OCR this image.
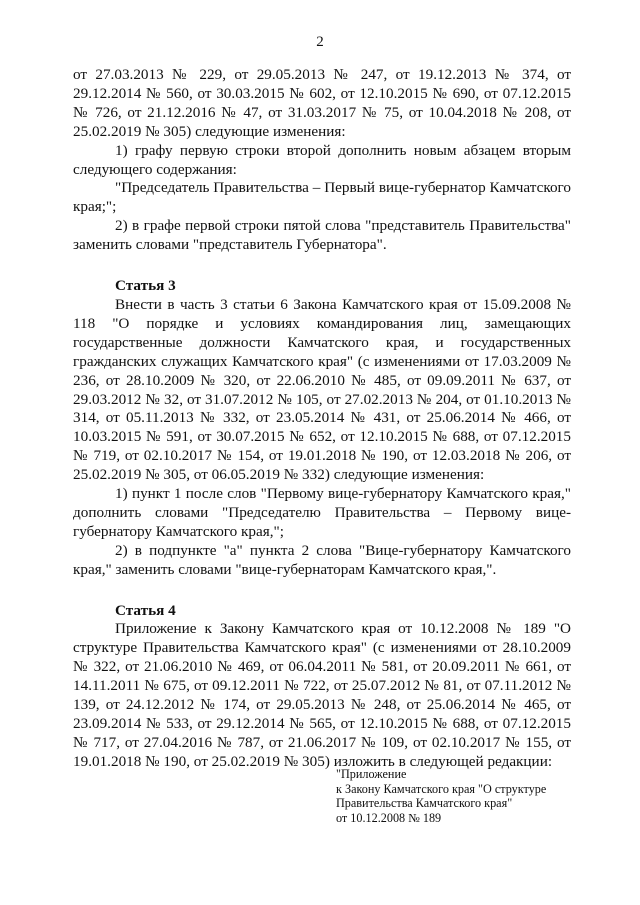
2

от 27.03.2013 № 229, от 29.05.2013 № 247, от 19.12.2013 № 374, от 29.12.2014 № 560, от 30.03.2015 № 602, от 12.10.2015 № 690, от 07.12.2015 № 726, от 21.12.2016 № 47, от 31.03.2017 № 75, от 10.04.2018 № 208, от 25.02.2019 № 305) следующие изменения:

1) графу первую строки второй дополнить новым абзацем вторым следующего содержания:

"Председатель Правительства – Первый вице-губернатор Камчатского края;";

2) в графе первой строки пятой слова "представитель Правительства" заменить словами "представитель Губернатора".

Статья 3

Внести в часть 3 статьи 6 Закона Камчатского края от 15.09.2008 № 118 "О порядке и условиях командирования лиц, замещающих государственные должности Камчатского края, и государственных гражданских служащих Камчатского края" (с изменениями от 17.03.2009 № 236, от 28.10.2009 № 320, от 22.06.2010 № 485, от 09.09.2011 № 637, от 29.03.2012 № 32, от 31.07.2012 № 105, от 27.02.2013 № 204, от 01.10.2013 № 314, от 05.11.2013 № 332, от 23.05.2014 № 431, от 25.06.2014 № 466, от 10.03.2015 № 591, от 30.07.2015 № 652, от 12.10.2015 № 688, от 07.12.2015 № 719, от 02.10.2017 № 154, от 19.01.2018 № 190, от 12.03.2018 № 206, от 25.02.2019 № 305, от 06.05.2019 № 332) следующие изменения:

1) пункт 1 после слов "Первому вице-губернатору Камчатского края," дополнить словами "Председателю Правительства – Первому вице-губернатору Камчатского края,";

2) в подпункте "а" пункта 2 слова "Вице-губернатору Камчатского края," заменить словами "вице-губернаторам Камчатского края,".

Статья 4

Приложение к Закону Камчатского края от 10.12.2008 № 189 "О структуре Правительства Камчатского края" (с изменениями от 28.10.2009 № 322, от 21.06.2010 № 469, от 06.04.2011 № 581, от 20.09.2011 № 661, от 14.11.2011 № 675, от 09.12.2011 № 722, от 25.07.2012 № 81, от 07.11.2012 № 139, от 24.12.2012 № 174, от 29.05.2013 № 248, от 25.06.2014 № 465, от 23.09.2014 № 533, от 29.12.2014 № 565, от 12.10.2015 № 688, от 07.12.2015 № 717, от 27.04.2016 № 787, от 21.06.2017 № 109, от 02.10.2017 № 155, от 19.01.2018 № 190, от 25.02.2019 № 305) изложить в следующей редакции:

"Приложение
к Закону Камчатского края "О структуре
Правительства Камчатского края"
от 10.12.2008 № 189
